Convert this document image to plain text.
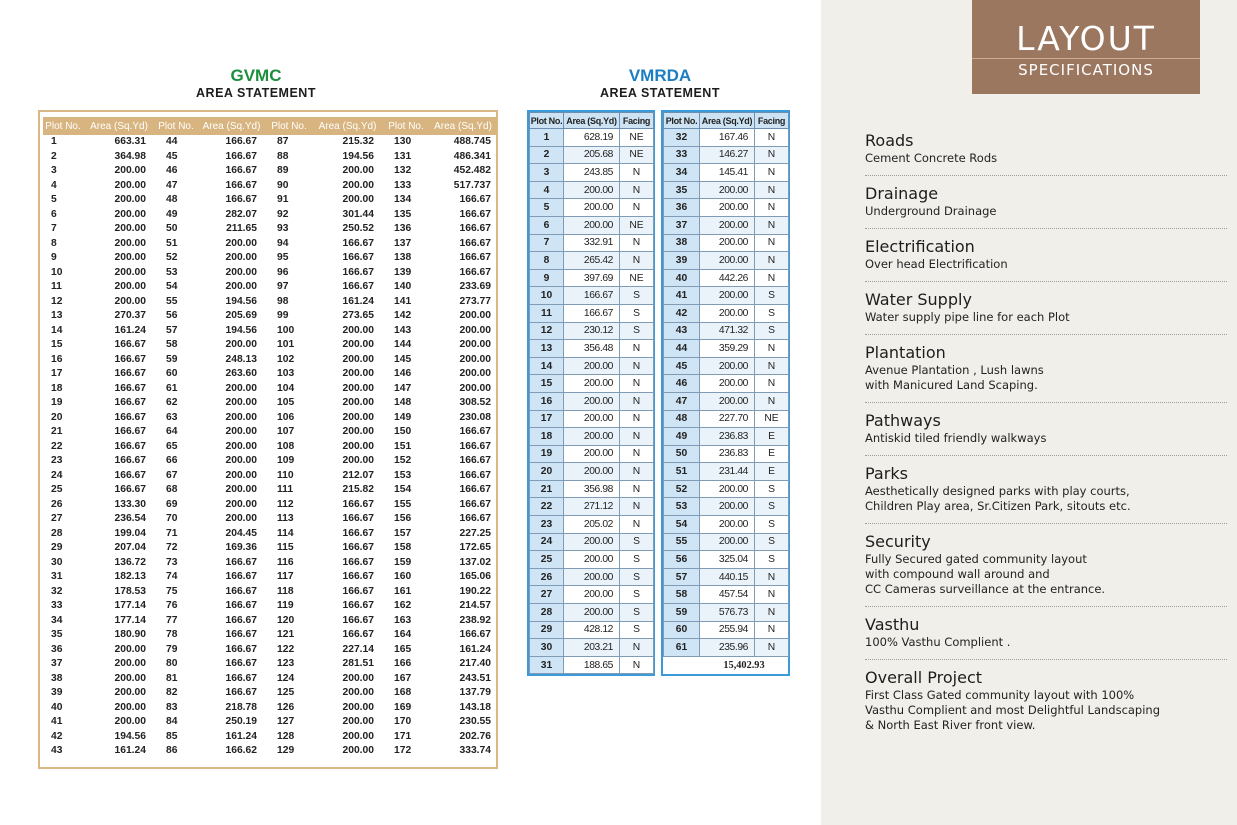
GVMC
AREA STATEMENT
Plot No.	Area (Sq.Yd)	Plot No.	Area (Sq.Yd)	Plot No.	Area (Sq.Yd)	Plot No.	Area (Sq.Yd)
1	663.31	44	166.67	87	215.32	130	488.745
2	364.98	45	166.67	88	194.56	131	486.341
3	200.00	46	166.67	89	200.00	132	452.482
4	200.00	47	166.67	90	200.00	133	517.737
5	200.00	48	166.67	91	200.00	134	166.67
6	200.00	49	282.07	92	301.44	135	166.67
7	200.00	50	211.65	93	250.52	136	166.67
8	200.00	51	200.00	94	166.67	137	166.67
9	200.00	52	200.00	95	166.67	138	166.67
10	200.00	53	200.00	96	166.67	139	166.67
11	200.00	54	200.00	97	166.67	140	233.69
12	200.00	55	194.56	98	161.24	141	273.77
13	270.37	56	205.69	99	273.65	142	200.00
14	161.24	57	194.56	100	200.00	143	200.00
15	166.67	58	200.00	101	200.00	144	200.00
16	166.67	59	248.13	102	200.00	145	200.00
17	166.67	60	263.60	103	200.00	146	200.00
18	166.67	61	200.00	104	200.00	147	200.00
19	166.67	62	200.00	105	200.00	148	308.52
20	166.67	63	200.00	106	200.00	149	230.08
21	166.67	64	200.00	107	200.00	150	166.67
22	166.67	65	200.00	108	200.00	151	166.67
23	166.67	66	200.00	109	200.00	152	166.67
24	166.67	67	200.00	110	212.07	153	166.67
25	166.67	68	200.00	111	215.82	154	166.67
26	133.30	69	200.00	112	166.67	155	166.67
27	236.54	70	200.00	113	166.67	156	166.67
28	199.04	71	204.45	114	166.67	157	227.25
29	207.04	72	169.36	115	166.67	158	172.65
30	136.72	73	166.67	116	166.67	159	137.02
31	182.13	74	166.67	117	166.67	160	165.06
32	178.53	75	166.67	118	166.67	161	190.22
33	177.14	76	166.67	119	166.67	162	214.57
34	177.14	77	166.67	120	166.67	163	238.92
35	180.90	78	166.67	121	166.67	164	166.67
36	200.00	79	166.67	122	227.14	165	161.24
37	200.00	80	166.67	123	281.51	166	217.40
38	200.00	81	166.67	124	200.00	167	243.51
39	200.00	82	166.67	125	200.00	168	137.79
40	200.00	83	218.78	126	200.00	169	143.18
41	200.00	84	250.19	127	200.00	170	230.55
42	194.56	85	161.24	128	200.00	171	202.76
43	161.24	86	166.62	129	200.00	172	333.74
VMRDA
AREA STATEMENT
Plot No.	Area (Sq.Yd)	Facing
1	628.19	NE
2	205.68	NE
3	243.85	N
4	200.00	N
5	200.00	N
6	200.00	NE
7	332.91	N
8	265.42	N
9	397.69	NE
10	166.67	S
11	166.67	S
12	230.12	S
13	356.48	N
14	200.00	N
15	200.00	N
16	200.00	N
17	200.00	N
18	200.00	N
19	200.00	N
20	200.00	N
21	356.98	N
22	271.12	N
23	205.02	N
24	200.00	S
25	200.00	S
26	200.00	S
27	200.00	S
28	200.00	S
29	428.12	S
30	203.21	N
31	188.65	N
Plot No.	Area (Sq.Yd)	Facing
32	167.46	N
33	146.27	N
34	145.41	N
35	200.00	N
36	200.00	N
37	200.00	N
38	200.00	N
39	200.00	N
40	442.26	N
41	200.00	S
42	200.00	S
43	471.32	S
44	359.29	N
45	200.00	N
46	200.00	N
47	200.00	N
48	227.70	NE
49	236.83	E
50	236.83	E
51	231.44	E
52	200.00	S
53	200.00	S
54	200.00	S
55	200.00	S
56	325.04	S
57	440.15	N
58	457.54	N
59	576.73	N
60	255.94	N
61	235.96	N
	15,402.93	
LAYOUT
SPECIFICATIONS
Roads
Cement Concrete Rods
Drainage
Underground Drainage
Electrification
Over head Electrification
Water Supply
Water supply pipe line for each Plot
Plantation
Avenue Plantation , Lush lawns
with Manicured Land Scaping.
Pathways
Antiskid tiled friendly walkways
Parks
Aesthetically designed parks with play courts,
Children Play area, Sr.Citizen Park, sitouts etc.
Security
Fully Secured gated community layout
with compound wall around and
CC Cameras surveillance at the entrance.
Vasthu
100% Vasthu Complient .
Overall Project
First Class Gated community layout with 100%
Vasthu Complient and most Delightful Landscaping
& North East River front view.
